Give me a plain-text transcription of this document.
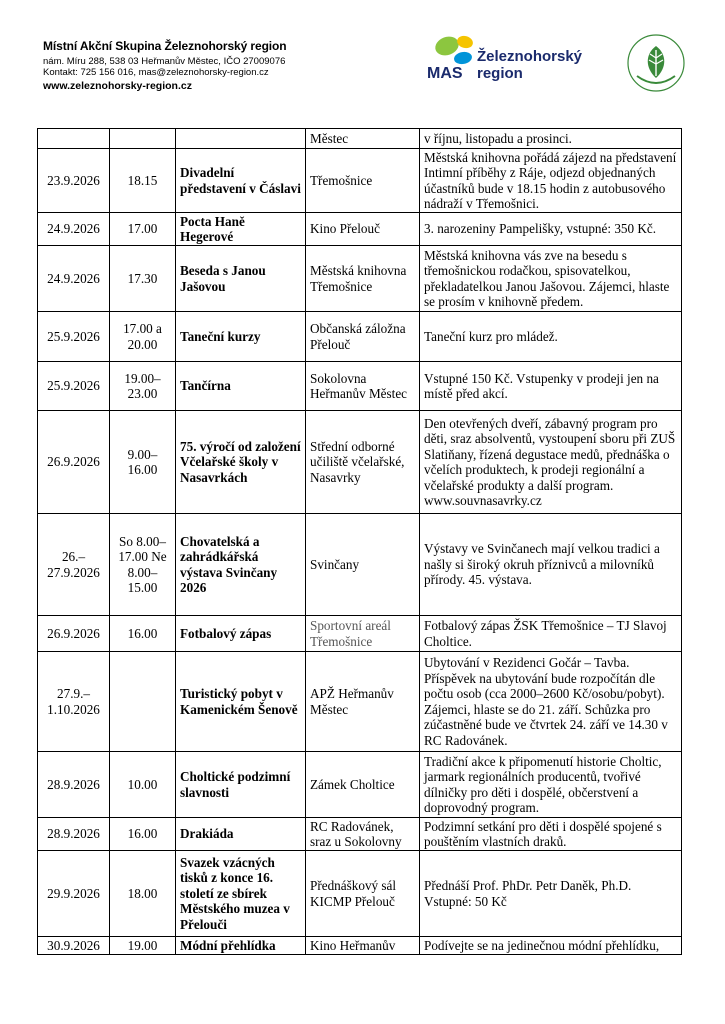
Místní Akční Skupina Železnohorský region
nám. Míru 288, 538 03 Heřmanův Městec, IČO 27009076
Kontakt: 725 156 016, mas@zeleznohorsky-region.cz
www.zeleznohorsky-region.cz
MAS
Železnohorský
region
			Městec	v říjnu, listopadu a prosinci.
23.9.2026	18.15	Divadelní představení v Čáslavi	Třemošnice	Městská knihovna pořádá zájezd na představení Intimní příběhy z Ráje, odjezd objednaných účastníků bude v 18.15 hodin z autobusového nádraží v Třemošnici.
24.9.2026	17.00	Pocta Haně Hegerové	Kino Přelouč	3. narozeniny Pampelišky, vstupné: 350 Kč.
24.9.2026	17.30	Beseda s Janou Jašovou	Městská knihovna Třemošnice	Městská knihovna vás zve na besedu s třemošnickou rodačkou, spisovatelkou, překladatelkou Janou Jašovou. Zájemci, hlaste se prosím v knihovně předem.
25.9.2026	17.00 a 20.00	Taneční kurzy	Občanská záložna Přelouč	Taneční kurz pro mládež.
25.9.2026	19.00–23.00	Tančírna	Sokolovna Heřmanův Městec	Vstupné 150 Kč. Vstupenky v prodeji jen na místě před akcí.
26.9.2026	9.00–16.00	75. výročí od založení Včelařské školy v Nasavrkách	Střední odborné učiliště včelařské, Nasavrky	Den otevřených dveří, zábavný program pro děti, sraz absolventů, vystoupení sboru při ZUŠ Slatiňany, řízená degustace medů, přednáška o včelích produktech, k prodeji regionální a včelařské produkty a další program. www.souvnasavrky.cz
26.–27.9.2026	So 8.00–17.00 Ne 8.00–15.00	Chovatelská a zahrádkářská výstava Svinčany 2026	Svinčany	Výstavy ve Svinčanech mají velkou tradici a našly si široký okruh příznivců a milovníků přírody. 45. výstava.
26.9.2026	16.00	Fotbalový zápas	Sportovní areál Třemošnice	Fotbalový zápas ŽSK Třemošnice – TJ Slavoj Choltice.
27.9.–1.10.2026		Turistický pobyt v Kamenickém Šenově	APŽ Heřmanův Městec	Ubytování v Rezidenci Gočár – Tavba. Příspěvek na ubytování bude rozpočítán dle počtu osob (cca 2000–2600 Kč/osobu/pobyt). Zájemci, hlaste se do 21. září. Schůzka pro zúčastněné bude ve čtvrtek 24. září ve 14.30 v RC Radovánek.
28.9.2026	10.00	Choltické podzimní slavnosti	Zámek Choltice	Tradiční akce k připomenutí historie Choltic, jarmark regionálních producentů, tvořivé dílničky pro děti i dospělé, občerstvení a doprovodný program.
28.9.2026	16.00	Drakiáda	RC Radovánek, sraz u Sokolovny	Podzimní setkání pro děti i dospělé spojené s pouštěním vlastních draků.
29.9.2026	18.00	Svazek vzácných tisků z konce 16. století ze sbírek Městského muzea v Přelouči	Přednáškový sál KICMP Přelouč	Přednáší Prof. PhDr. Petr Daněk, Ph.D. Vstupné: 50 Kč
30.9.2026	19.00	Módní přehlídka	Kino Heřmanův	Podívejte se na jedinečnou módní přehlídku,
